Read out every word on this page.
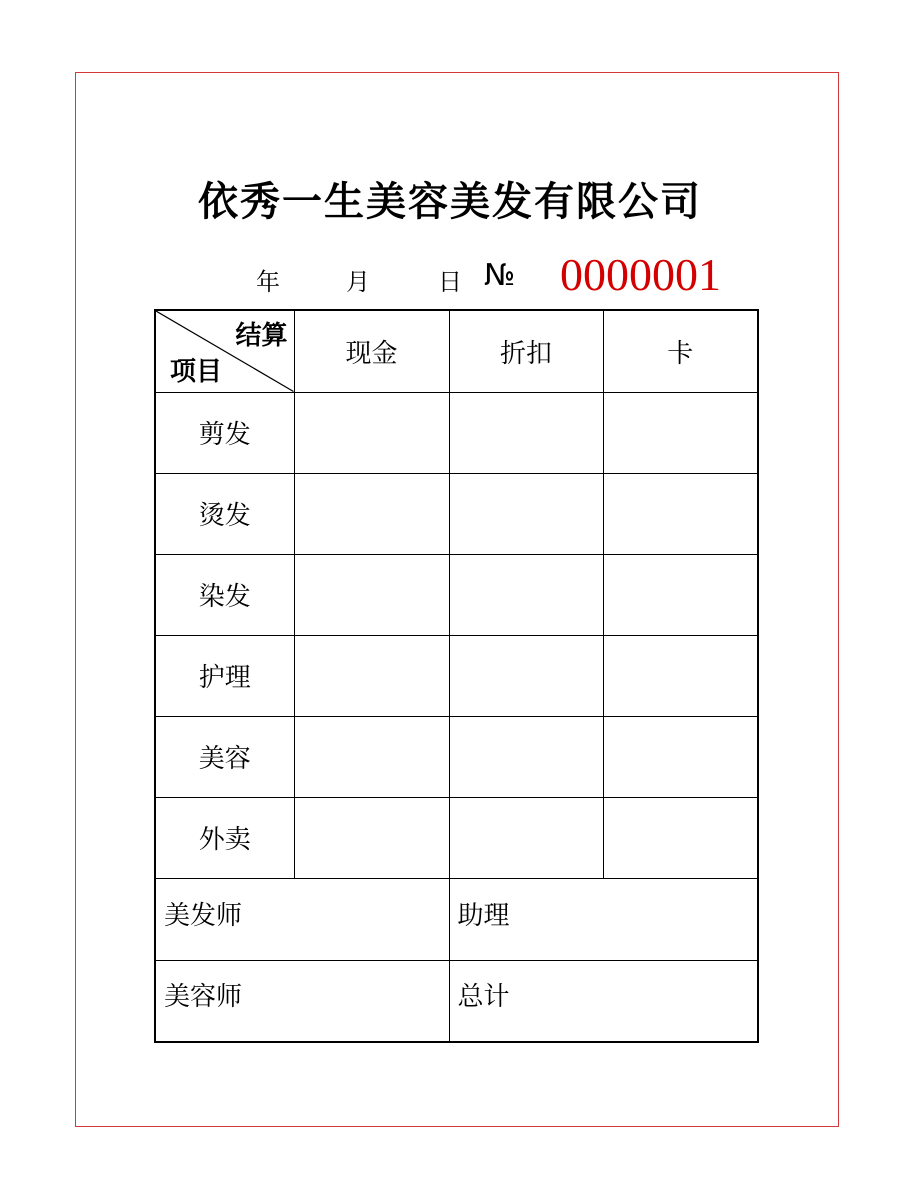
依秀一生美容美发有限公司
年	月	日 № 0000001
结算
项目	现金	折扣	卡
剪发			
烫发			
染发			
护理			
美容			
外卖			
美发师		助理	
美容师		总计	
